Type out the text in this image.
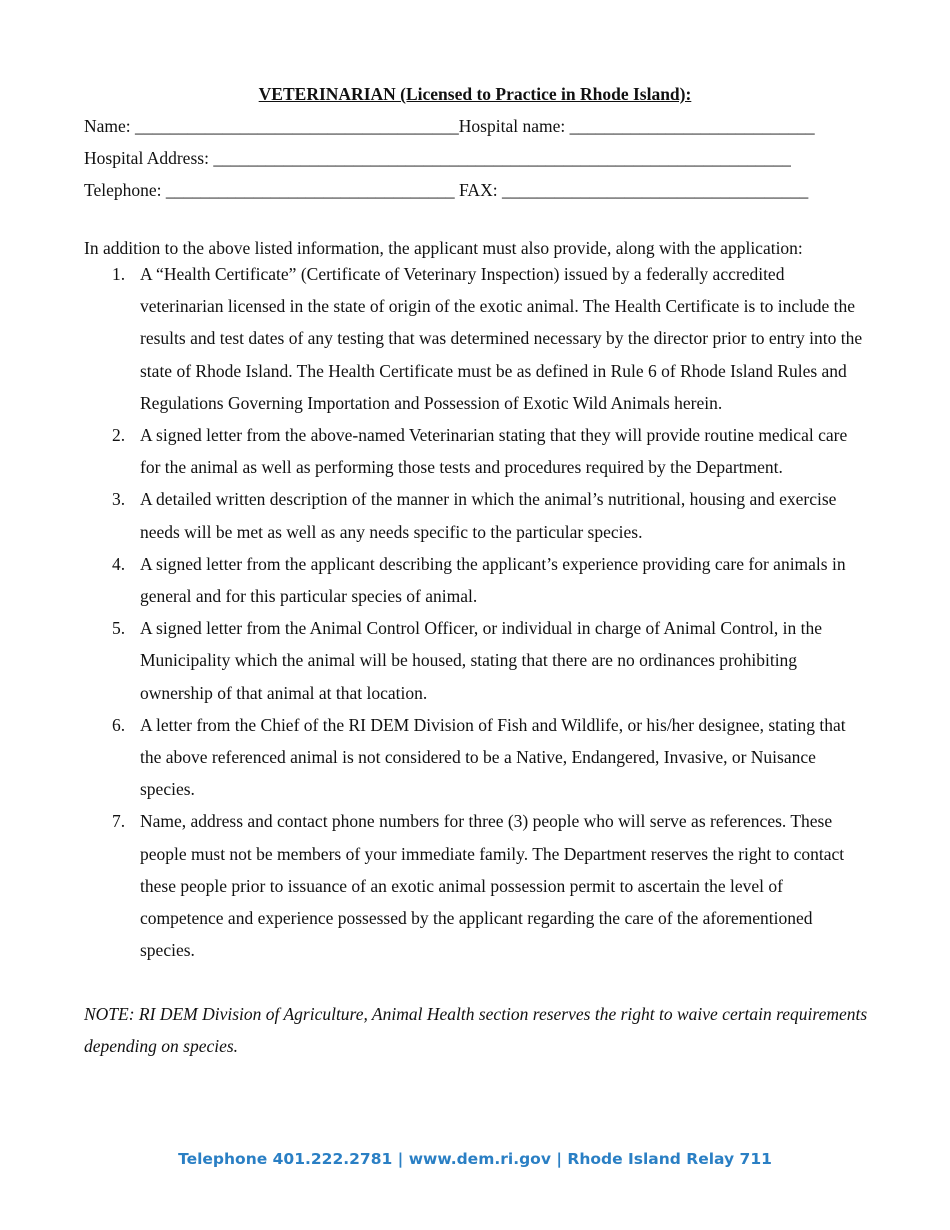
VETERINARIAN (Licensed to Practice in Rhode Island):
Name: _____________________________________Hospital name: ____________________________
Hospital Address: __________________________________________________________________
Telephone: _________________________________ FAX: ___________________________________
In addition to the above listed information, the applicant must also provide, along with the application:
1. A “Health Certificate” (Certificate of Veterinary Inspection) issued by a federally accredited veterinarian licensed in the state of origin of the exotic animal. The Health Certificate is to include the results and test dates of any testing that was determined necessary by the director prior to entry into the state of Rhode Island. The Health Certificate must be as defined in Rule 6 of Rhode Island Rules and Regulations Governing Importation and Possession of Exotic Wild Animals herein.
2. A signed letter from the above-named Veterinarian stating that they will provide routine medical care for the animal as well as performing those tests and procedures required by the Department.
3. A detailed written description of the manner in which the animal’s nutritional, housing and exercise needs will be met as well as any needs specific to the particular species.
4. A signed letter from the applicant describing the applicant’s experience providing care for animals in general and for this particular species of animal.
5. A signed letter from the Animal Control Officer, or individual in charge of Animal Control, in the Municipality which the animal will be housed, stating that there are no ordinances prohibiting ownership of that animal at that location.
6. A letter from the Chief of the RI DEM Division of Fish and Wildlife, or his/her designee, stating that the above referenced animal is not considered to be a Native, Endangered, Invasive, or Nuisance species.
7. Name, address and contact phone numbers for three (3) people who will serve as references. These people must not be members of your immediate family. The Department reserves the right to contact these people prior to issuance of an exotic animal possession permit to ascertain the level of competence and experience possessed by the applicant regarding the care of the aforementioned species.
NOTE: RI DEM Division of Agriculture, Animal Health section reserves the right to waive certain requirements depending on species.
Telephone 401.222.2781 | www.dem.ri.gov | Rhode Island Relay 711
